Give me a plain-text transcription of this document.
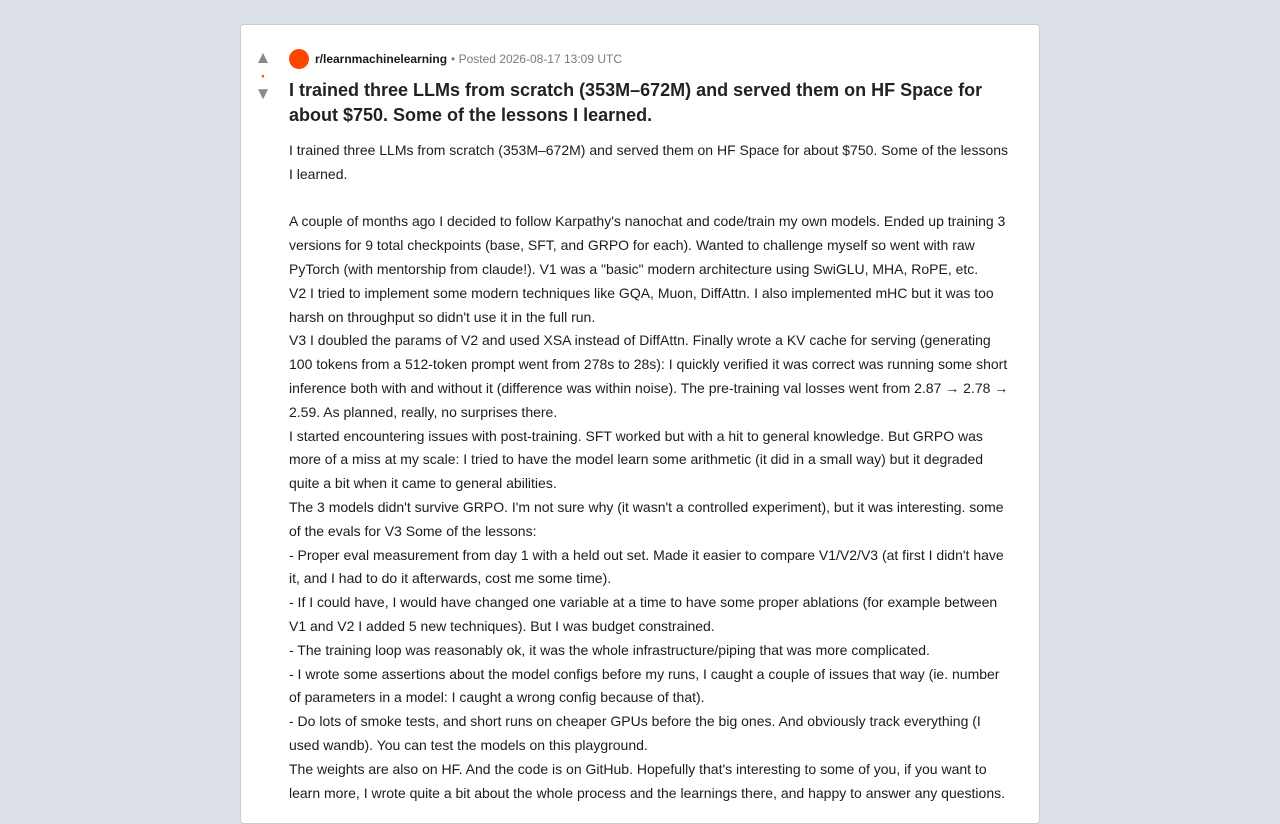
▲
•
▼
r/learnmachinelearning • Posted 2026-08-17 13:09 UTC
I trained three LLMs from scratch (353M–672M) and served them on HF Space for about $750. Some of the lessons I learned.

I trained three LLMs from scratch (353M–672M) and served them on HF Space for about $750. Some of the lessons I learned.

A couple of months ago I decided to follow Karpathy's nanochat and code/train my own models. Ended up training 3 versions for 9 total checkpoints (base, SFT, and GRPO for each). Wanted to challenge myself so went with raw PyTorch (with mentorship from claude!). V1 was a "basic" modern architecture using SwiGLU, MHA, RoPE, etc.

V2 I tried to implement some modern techniques like GQA, Muon, DiffAttn. I also implemented mHC but it was too harsh on throughput so didn't use it in the full run.

V3 I doubled the params of V2 and used XSA instead of DiffAttn. Finally wrote a KV cache for serving (generating 100 tokens from a 512-token prompt went from 278s to 28s): I quickly verified it was correct was running some short inference both with and without it (difference was within noise). The pre-training val losses went from 2.87 → 2.78 → 2.59. As planned, really, no surprises there.

I started encountering issues with post-training. SFT worked but with a hit to general knowledge. But GRPO was more of a miss at my scale: I tried to have the model learn some arithmetic (it did in a small way) but it degraded quite a bit when it came to general abilities.

The 3 models didn't survive GRPO. I'm not sure why (it wasn't a controlled experiment), but it was interesting. some of the evals for V3 Some of the lessons:

- Proper eval measurement from day 1 with a held out set. Made it easier to compare V1/V2/V3 (at first I didn't have it, and I had to do it afterwards, cost me some time).

- If I could have, I would have changed one variable at a time to have some proper ablations (for example between V1 and V2 I added 5 new techniques). But I was budget constrained.

- The training loop was reasonably ok, it was the whole infrastructure/piping that was more complicated.

- I wrote some assertions about the model configs before my runs, I caught a couple of issues that way (ie. number of parameters in a model: I caught a wrong config because of that).

- Do lots of smoke tests, and short runs on cheaper GPUs before the big ones. And obviously track everything (I used wandb). You can test the models on this playground.

The weights are also on HF. And the code is on GitHub. Hopefully that's interesting to some of you, if you want to learn more, I wrote quite a bit about the whole process and the learnings there, and happy to answer any questions.
